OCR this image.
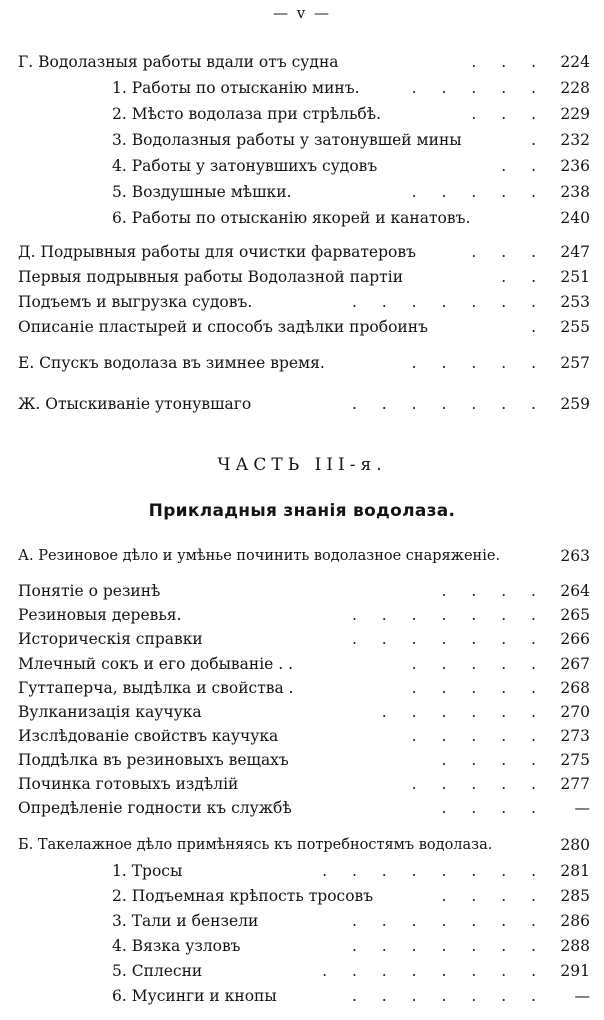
— v —
Г. Водолазныя работы вдали отъ судна	. . . 224
1. Работы по отысканію минъ.	. . . . . 228
2. Мѣсто водолаза при стрѣльбѣ.	. . . 229
3. Водолазныя работы у затонувшей мины	. 232
4. Работы у затонувшихъ судовъ	. . 236
5. Воздушные мѣшки.	. . . . . 238
6. Работы по отысканію якорей и канатовъ.	240
Д. Подрывныя работы для очистки фарватеровъ	. . . 247
Первыя подрывныя работы Водолазной партіи	. . 251
Подъемъ и выгрузка судовъ.	. . . . . . . 253
Описаніе пластырей и способъ задѣлки пробоинъ	. 255
Е. Спускъ водолаза въ зимнее время.	. . . . . 257
Ж. Отыскиваніе утонувшаго	. . . . . . . 259
ЧАСТЬ III-я.
Прикладныя знанія водолаза.
А. Резиновое дѣло и умѣнье починить водолазное снаряженіе.	263
Понятіе о резинѣ	. . . . 264
Резиновыя деревья.	. . . . . . . 265
Историческія справки	. . . . . . . 266
Млечный сокъ и его добываніе . .	. . . . . 267
Гуттаперча, выдѣлка и свойства .	. . . . . 268
Вулканизація каучука	. . . . . . 270
Изслѣдованіе свойствъ каучука	. . . . . 273
Поддѣлка въ резиновыхъ вещахъ	. . . . 275
Починка готовыхъ издѣлій	. . . . . 277
Опредѣленіе годности къ службѣ	. . . .	—
Б. Такелажное дѣло примѣняясь къ потребностямъ водолаза.	280
1. Тросы	. . . . . . . . 281
2. Подъемная крѣпость тросовъ	. . . . 285
3. Тали и бензели	. . . . . . . 286
4. Вязка узловъ	. . . . . . . 288
5. Сплесни	. . . . . . . . 291
6. Мусинги и кнопы	. . . . . . .	—
